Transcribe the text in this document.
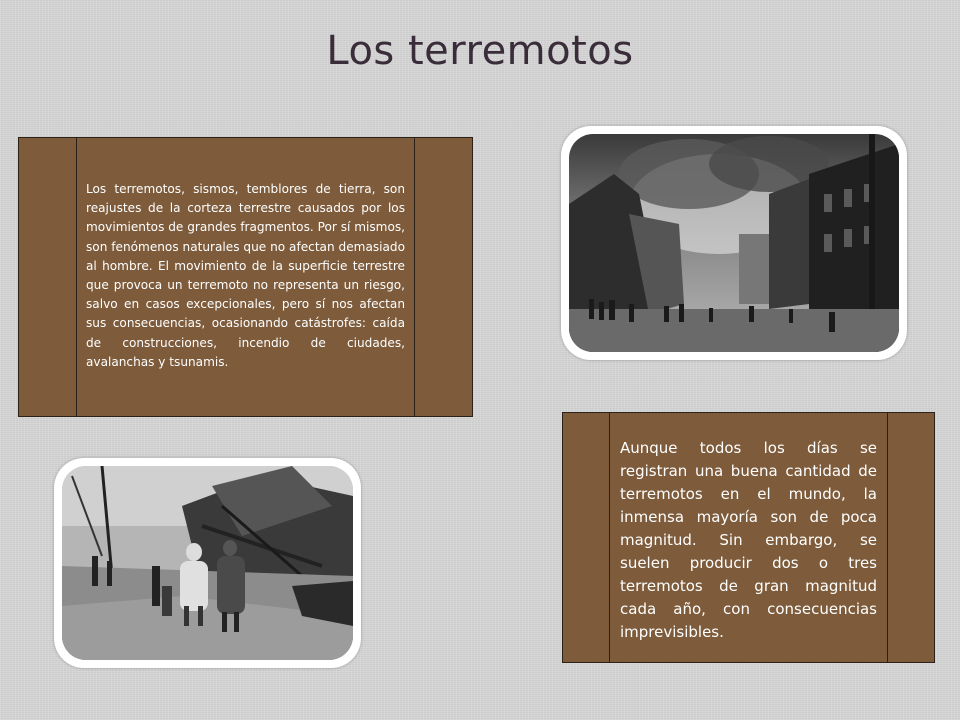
Los terremotos
Los terremotos, sismos, temblores de tierra, son reajustes de la corteza terrestre causados por los movimientos de grandes fragmentos. Por sí mismos, son fenómenos naturales que no afectan demasiado al hombre. El movimiento de la superficie terrestre que provoca un terremoto no representa un riesgo, salvo en casos excepcionales, pero sí nos afectan sus consecuencias, ocasionando catástrofes: caída de construcciones, incendio de ciudades, avalanchas y tsunamis.
Aunque todos los días se registran una buena cantidad de terremotos en el mundo, la inmensa mayoría son de poca magnitud. Sin embargo, se suelen producir dos o tres terremotos de gran magnitud cada año, con consecuencias imprevisibles.
